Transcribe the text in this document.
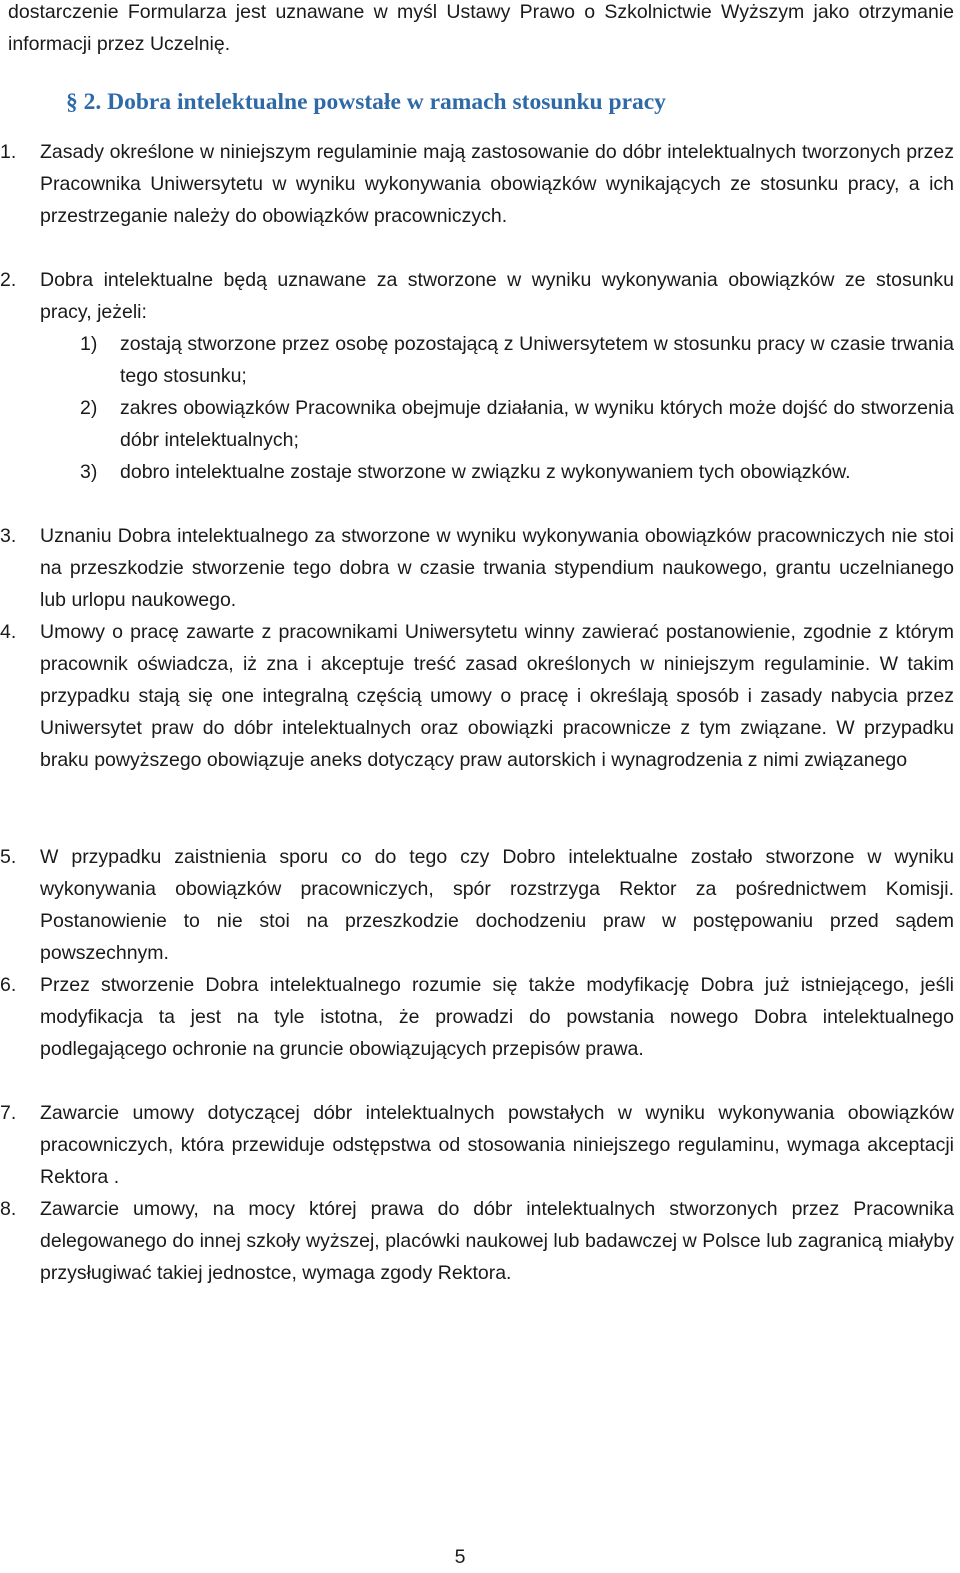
dostarczenie Formularza jest uznawane w myśl Ustawy Prawo o Szkolnictwie Wyższym jako otrzymanie informacji przez Uczelnię.

§ 2. Dobra intelektualne powstałe w ramach stosunku pracy
1.	Zasady określone w niniejszym regulaminie mają zastosowanie do dóbr intelektualnych tworzonych przez Pracownika Uniwersytetu w wyniku wykonywania obowiązków wynikających ze stosunku pracy, a ich przestrzeganie należy do obowiązków pracowniczych.
2.	Dobra intelektualne będą uznawane za stworzone w wyniku wykonywania obowiązków ze stosunku pracy, jeżeli:
1)	zostają stworzone przez osobę pozostającą z Uniwersytetem w stosunku pracy w czasie trwania tego stosunku;
2)	zakres obowiązków Pracownika obejmuje działania, w wyniku których może dojść do stworzenia dóbr intelektualnych;
3)	dobro intelektualne zostaje stworzone w związku z wykonywaniem tych obowiązków.
3.	Uznaniu Dobra intelektualnego za stworzone w wyniku wykonywania obowiązków pracowniczych nie stoi na przeszkodzie stworzenie tego dobra w czasie trwania stypendium naukowego, grantu uczelnianego lub urlopu naukowego.
4.	Umowy o pracę zawarte z pracownikami Uniwersytetu winny zawierać postanowienie, zgodnie z którym pracownik oświadcza, iż zna i akceptuje treść zasad określonych w niniejszym regulaminie. W takim przypadku stają się one integralną częścią umowy o pracę i określają sposób i zasady nabycia przez Uniwersytet praw do dóbr intelektualnych oraz obowiązki pracownicze z tym związane. W przypadku braku powyższego obowiązuje aneks dotyczący praw autorskich i wynagrodzenia z nimi związanego
5.	W przypadku zaistnienia sporu co do tego czy Dobro intelektualne zostało stworzone w wyniku wykonywania obowiązków pracowniczych, spór rozstrzyga Rektor za pośrednictwem Komisji. Postanowienie to nie stoi na przeszkodzie dochodzeniu praw w postępowaniu przed sądem powszechnym.
6.	Przez stworzenie Dobra intelektualnego rozumie się także modyfikację Dobra już istniejącego, jeśli modyfikacja ta jest na tyle istotna, że prowadzi do powstania nowego Dobra intelektualnego podlegającego ochronie na gruncie obowiązujących przepisów prawa.
7.	Zawarcie umowy dotyczącej dóbr intelektualnych powstałych w wyniku wykonywania obowiązków pracowniczych, która przewiduje odstępstwa od stosowania niniejszego regulaminu, wymaga akceptacji Rektora .
8.	Zawarcie umowy, na mocy której prawa do dóbr intelektualnych stworzonych przez Pracownika delegowanego do innej szkoły wyższej, placówki naukowej lub badawczej w Polsce lub zagranicą miałyby przysługiwać takiej jednostce, wymaga zgody Rektora.
5
